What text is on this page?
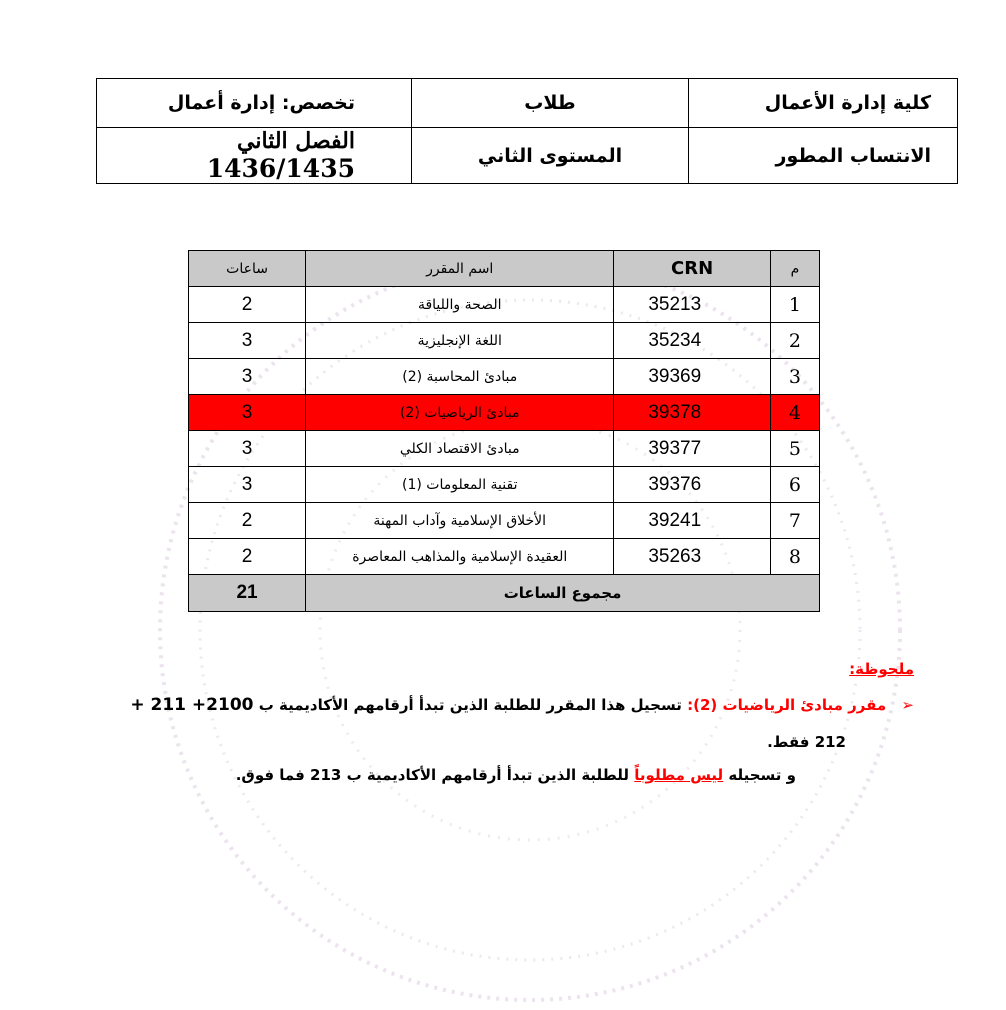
كلية إدارة الأعمال	طلاب	تخصص: إدارة أعمال
الانتساب المطور	المستوى الثاني	الفصل الثاني 1436/1435
م	CRN	اسم المقرر	ساعات
1	35213	الصحة واللياقة	2
2	35234	اللغة الإنجليزية	3
3	39369	مبادئ المحاسبة (2)	3
4	39378	مبادئ الرياضيات (2)	3
5	39377	مبادئ الاقتصاد الكلي	3
6	39376	تقنية المعلومات (1)	3
7	39241	الأخلاق الإسلامية وآداب المهنة	2
8	35263	العقيدة الإسلامية والمذاهب المعاصرة	2
مجموع الساعات			21
ملحوظة:
➢ مقرر مبادئ الرياضيات (2): تسجيل هذا المقرر للطلبة الذين تبدأ أرقامهم الأكاديمية ب 2100+ 211 +
212 فقط.
و تسجيله ليس مطلوباً للطلبة الذين تبدأ أرقامهم الأكاديمية ب 213 فما فوق.
